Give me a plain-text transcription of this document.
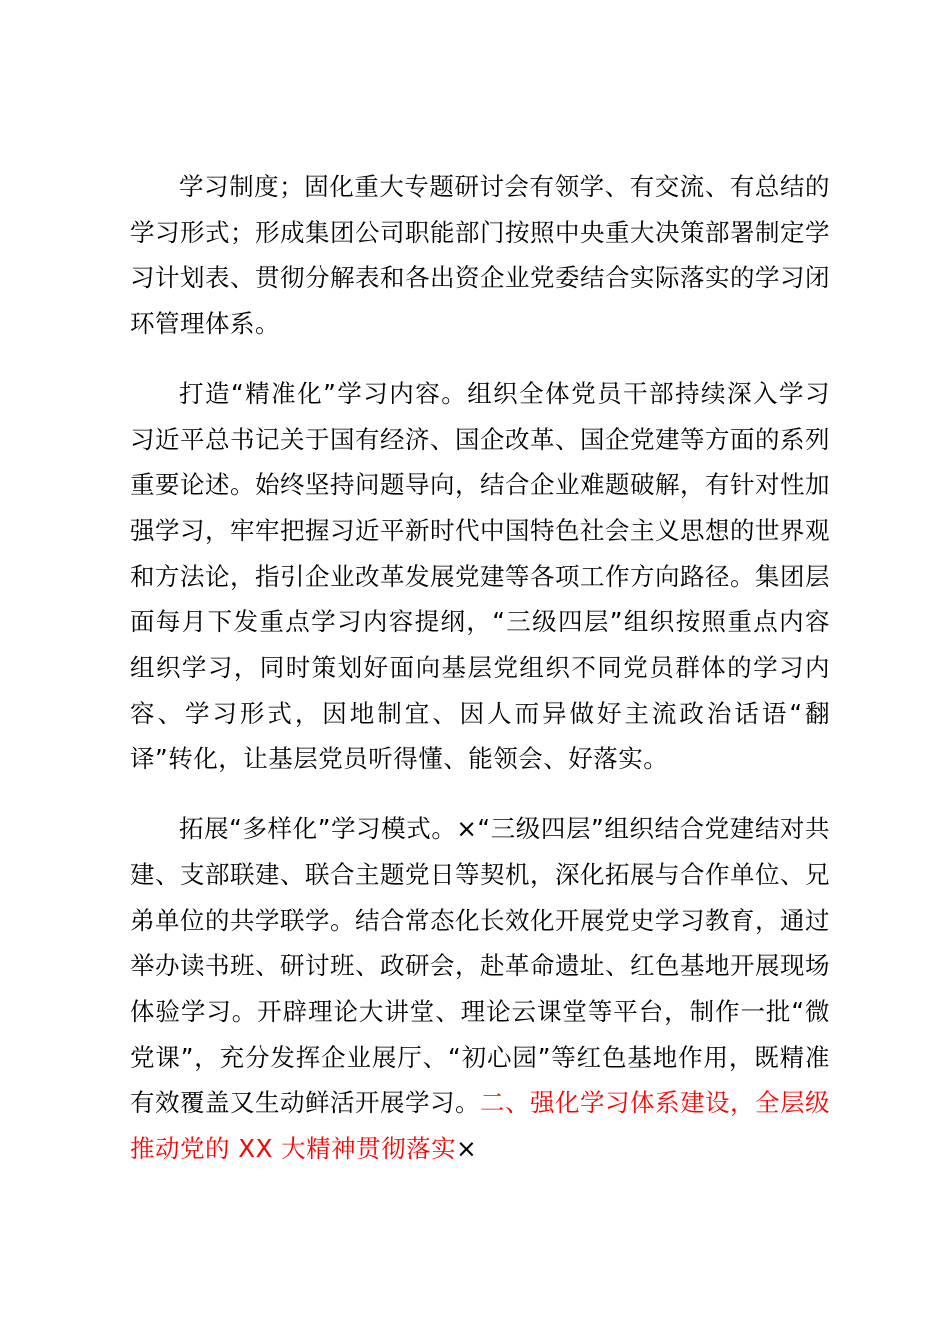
学习制度；固化重大专题研讨会有领学、有交流、有总结的学习形式；形成集团公司职能部门按照中央重大决策部署制定学习计划表、贯彻分解表和各出资企业党委结合实际落实的学习闭环管理体系。

打造“精准化”学习内容。组织全体党员干部持续深入学习习近平总书记关于国有经济、国企改革、国企党建等方面的系列重要论述。始终坚持问题导向，结合企业难题破解，有针对性加强学习，牢牢把握习近平新时代中国特色社会主义思想的世界观和方法论，指引企业改革发展党建等各项工作方向路径。集团层面每月下发重点学习内容提纲，“三级四层”组织按照重点内容组织学习，同时策划好面向基层党组织不同党员群体的学习内容、学习形式，因地制宜、因人而异做好主流政治话语“翻译”转化，让基层党员听得懂、能领会、好落实。

拓展“多样化”学习模式。×“三级四层”组织结合党建结对共建、支部联建、联合主题党日等契机，深化拓展与合作单位、兄弟单位的共学联学。结合常态化长效化开展党史学习教育，通过举办读书班、研讨班、政研会，赴革命遗址、红色基地开展现场体验学习。开辟理论大讲堂、理论云课堂等平台，制作一批“微党课”，充分发挥企业展厅、“初心园”等红色基地作用，既精准有效覆盖又生动鲜活开展学习。二、强化学习体系建设，全层级推动党的 XX 大精神贯彻落实×
